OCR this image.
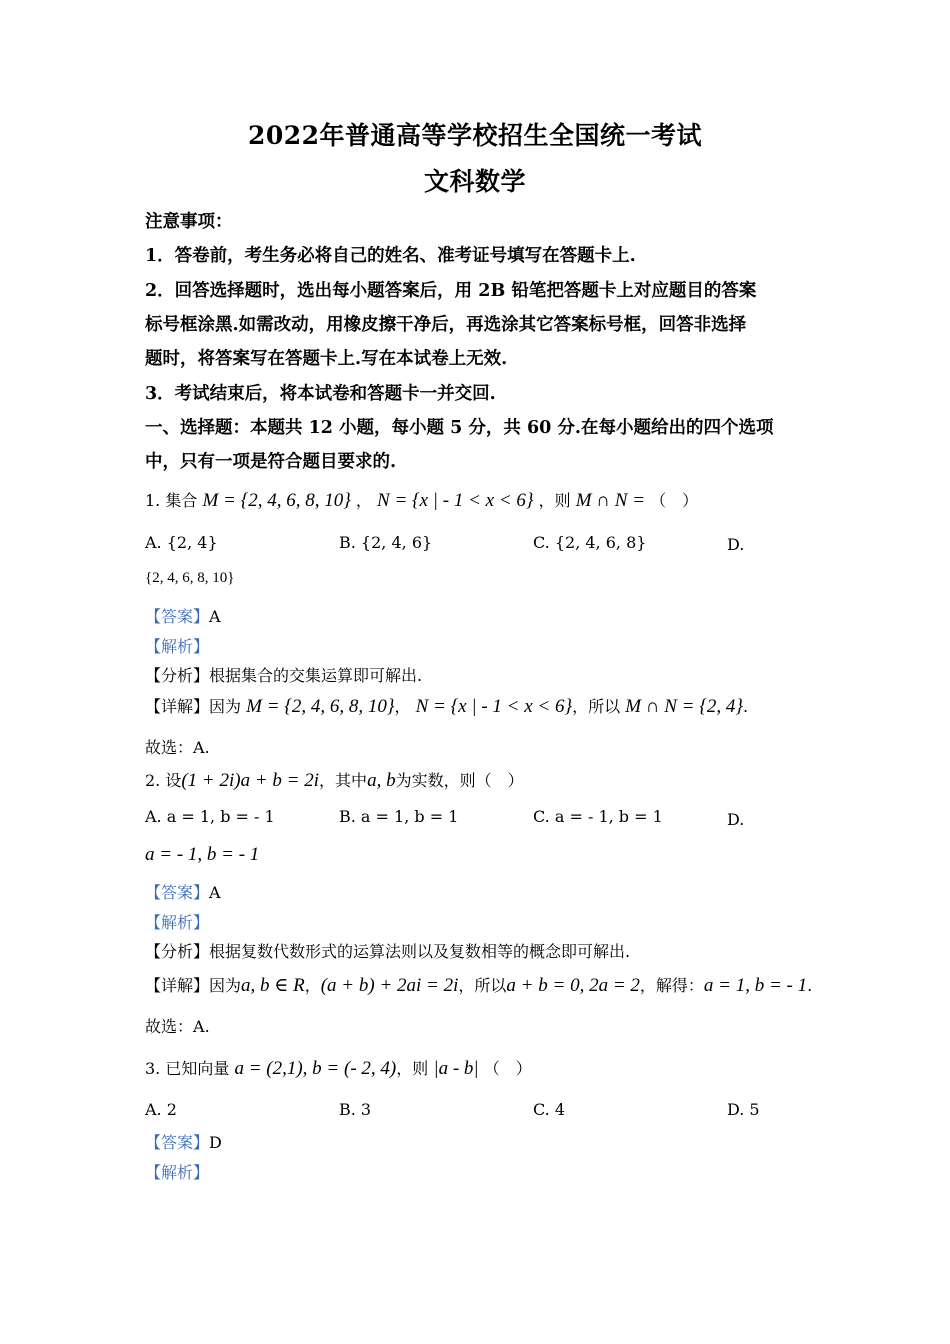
2022年普通高等学校招生全国统一考试
文科数学
注意事项：
1．答卷前，考生务必将自己的姓名、准考证号填写在答题卡上.
2．回答选择题时，选出每小题答案后，用 2B 铅笔把答题卡上对应题目的答案
标号框涂黑.如需改动，用橡皮擦干净后，再选涂其它答案标号框，回答非选择
题时，将答案写在答题卡上.写在本试卷上无效.
3．考试结束后，将本试卷和答题卡一并交回.
一、选择题：本题共 12 小题，每小题 5 分，共 60 分.在每小题给出的四个选项
中，只有一项是符合题目要求的.
1. 集合 M = {2, 4, 6, 8, 10} ， N = {x | - 1 < x < 6} ，则 M ∩ N = （　）
A. {2, 4}	B. {2, 4, 6}	C. {2, 4, 6, 8}	D.
{2, 4, 6, 8, 10}
【答案】A
【解析】
【分析】根据集合的交集运算即可解出.
【详解】因为 M = {2, 4, 6, 8, 10}， N = {x | - 1 < x < 6}，所以 M ∩ N = {2, 4}.
故选：A.
2. 设(1 + 2i)a + b = 2i，其中a, b为实数，则（　）
A. a = 1, b = - 1	B. a = 1, b = 1	C. a = - 1, b = 1	D.
a = - 1, b = - 1
【答案】A
【解析】
【分析】根据复数代数形式的运算法则以及复数相等的概念即可解出.
【详解】因为a, b ∈ R，(a + b) + 2ai = 2i，所以a + b = 0, 2a = 2，解得：a = 1, b = - 1.
故选：A.
3. 已知向量 a = (2,1), b = (- 2, 4)，则 |a - b| （　）
A. 2	B. 3	C. 4	D. 5
【答案】D
【解析】
